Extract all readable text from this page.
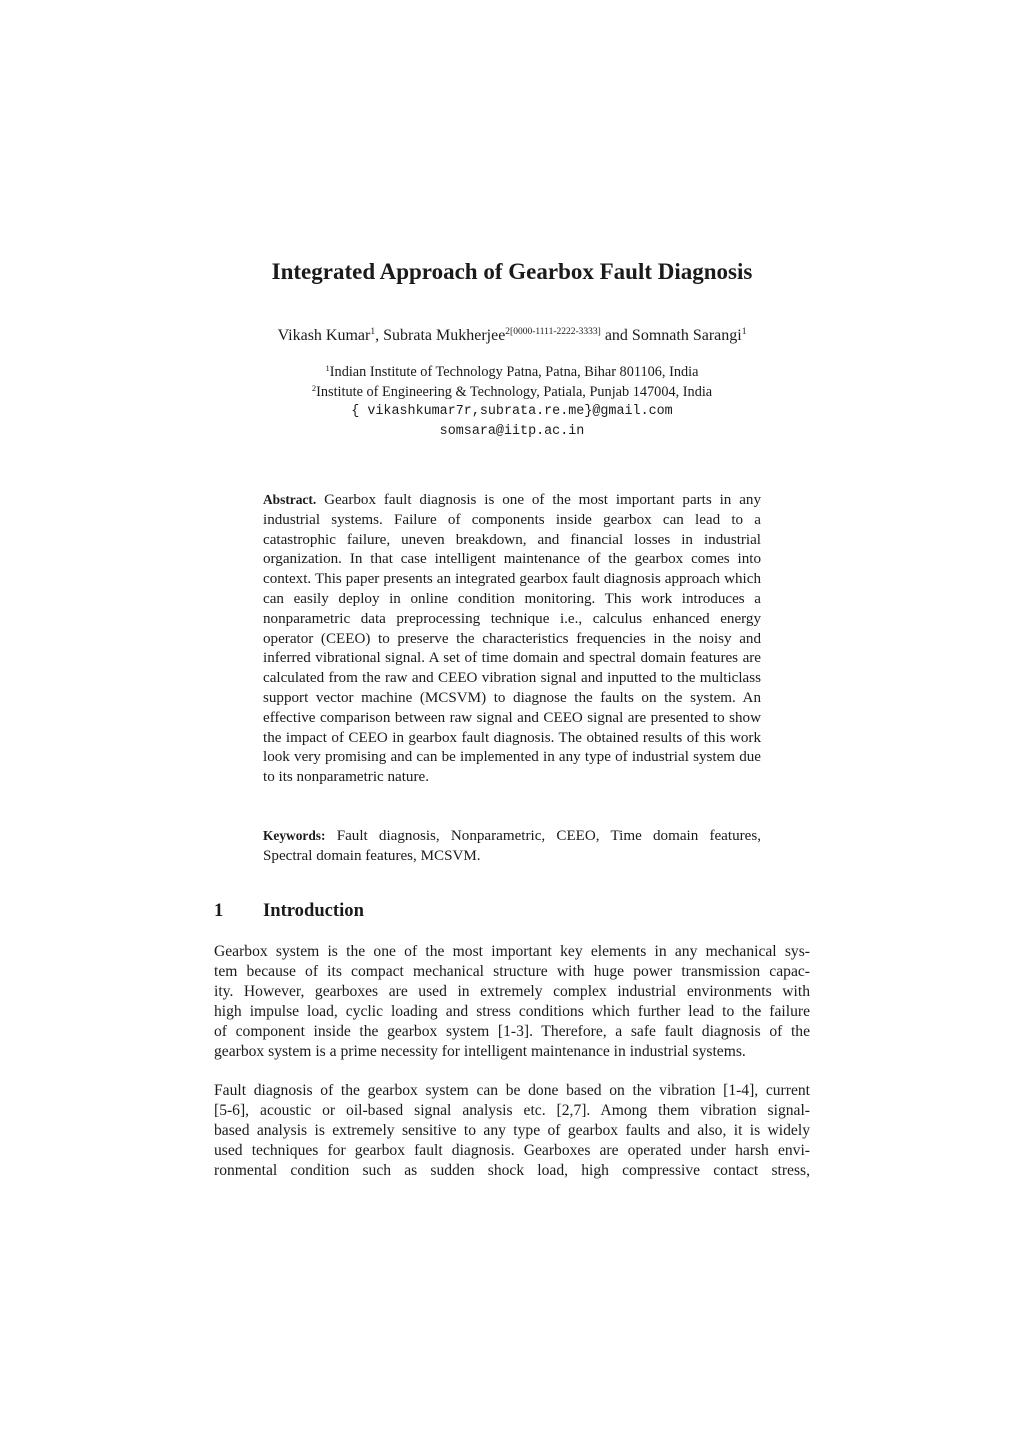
Integrated Approach of Gearbox Fault Diagnosis
Vikash Kumar$^1$, Subrata Mukherjee$^{2[0000-1111-2222-3333]}$ and Somnath Sarangi$^1$
$^1$Indian Institute of Technology Patna, Patna, Bihar 801106, India
$^2$Institute of Engineering & Technology, Patiala, Punjab 147004, India
{ vikashkumar7r,subrata.re.me}@gmail.com
somsara@iitp.ac.in
Abstract. Gearbox fault diagnosis is one of the most important parts in any industrial systems. Failure of components inside gearbox can lead to a catastrophic failure, uneven breakdown, and financial losses in industrial organization. In that case intelligent maintenance of the gearbox comes into context. This paper presents an integrated gearbox fault diagnosis approach which can easily deploy in online condition monitoring. This work introduces a nonparametric data preprocessing technique i.e., calculus enhanced energy operator (CEEO) to preserve the characteristics frequencies in the noisy and inferred vibrational signal. A set of time domain and spectral domain features are calculated from the raw and CEEO vibration signal and inputted to the multiclass support vector machine (MCSVM) to diagnose the faults on the system. An effective comparison between raw signal and CEEO signal are presented to show the impact of CEEO in gearbox fault diagnosis. The obtained results of this work look very promising and can be implemented in any type of industrial system due to its nonparametric nature.
Keywords: Fault diagnosis, Nonparametric, CEEO, Time domain features, Spectral domain features, MCSVM.
1 Introduction
Gearbox system is the one of the most important key elements in any mechanical sys-
tem because of its compact mechanical structure with huge power transmission capac-
ity. However, gearboxes are used in extremely complex industrial environments with
high impulse load, cyclic loading and stress conditions which further lead to the failure
of component inside the gearbox system [1-3]. Therefore, a safe fault diagnosis of the
gearbox system is a prime necessity for intelligent maintenance in industrial systems.
Fault diagnosis of the gearbox system can be done based on the vibration [1-4], current
[5-6], acoustic or oil-based signal analysis etc. [2,7]. Among them vibration signal-
based analysis is extremely sensitive to any type of gearbox faults and also, it is widely
used techniques for gearbox fault diagnosis. Gearboxes are operated under harsh envi-
ronmental condition such as sudden shock load, high compressive contact stress,
